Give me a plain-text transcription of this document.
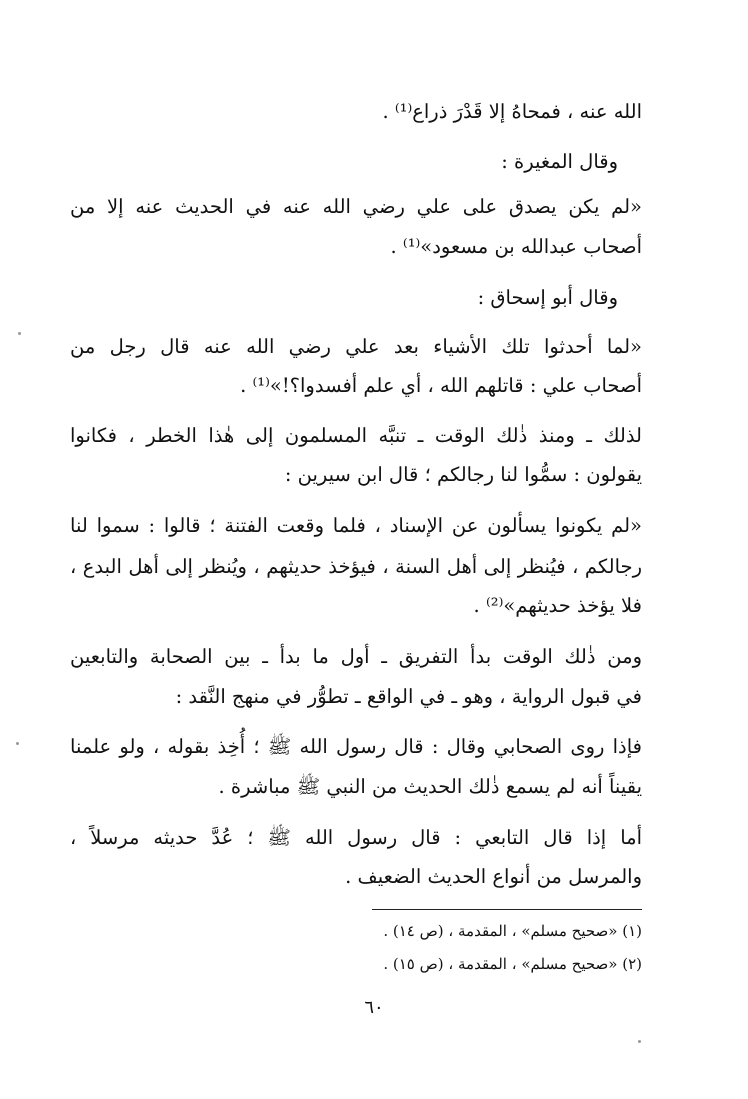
الله عنه ، فمحاهُ إلا قَدْرَ ذراع⁽¹⁾ .
وقال المغيرة :
«لم يكن يصدق على علي رضي الله عنه في الحديث عنه إلا من
أصحاب عبدالله بن مسعود»⁽¹⁾ .
وقال أبو إسحاق :
«لما أحدثوا تلك الأشياء بعد علي رضي الله عنه قال رجل من
أصحاب علي : قاتلهم الله ، أي علم أفسدوا؟!»⁽¹⁾ .
لذلك ـ ومنذ ذٰلك الوقت ـ تنبَّه المسلمون إلى هٰذا الخطر ، فكانوا
يقولون : سمُّوا لنا رجالكم ؛ قال ابن سيرين :
«لم يكونوا يسألون عن الإسناد ، فلما وقعت الفتنة ؛ قالوا : سموا لنا
رجالكم ، فيُنظر إلى أهل السنة ، فيؤخذ حديثهم ، ويُنظر إلى أهل البدع ،
فلا يؤخذ حديثهم»⁽²⁾ .
ومن ذٰلك الوقت بدأ التفريق ـ أول ما بدأ ـ بين الصحابة والتابعين
في قبول الرواية ، وهو ـ في الواقع ـ تطوُّر في منهج النَّقد :
فإذا روى الصحابي وقال : قال رسول الله ﷺ ؛ أُخِذ بقوله ، ولو علمنا
يقيناً أنه لم يسمع ذٰلك الحديث من النبي ﷺ مباشرة .
أما إذا قال التابعي : قال رسول الله ﷺ ؛ عُدَّ حديثه مرسلاً ،
والمرسل من أنواع الحديث الضعيف .
(١) «صحيح مسلم» ، المقدمة ، (ص ١٤) .
(٢) «صحيح مسلم» ، المقدمة ، (ص ١٥) .
٦٠
